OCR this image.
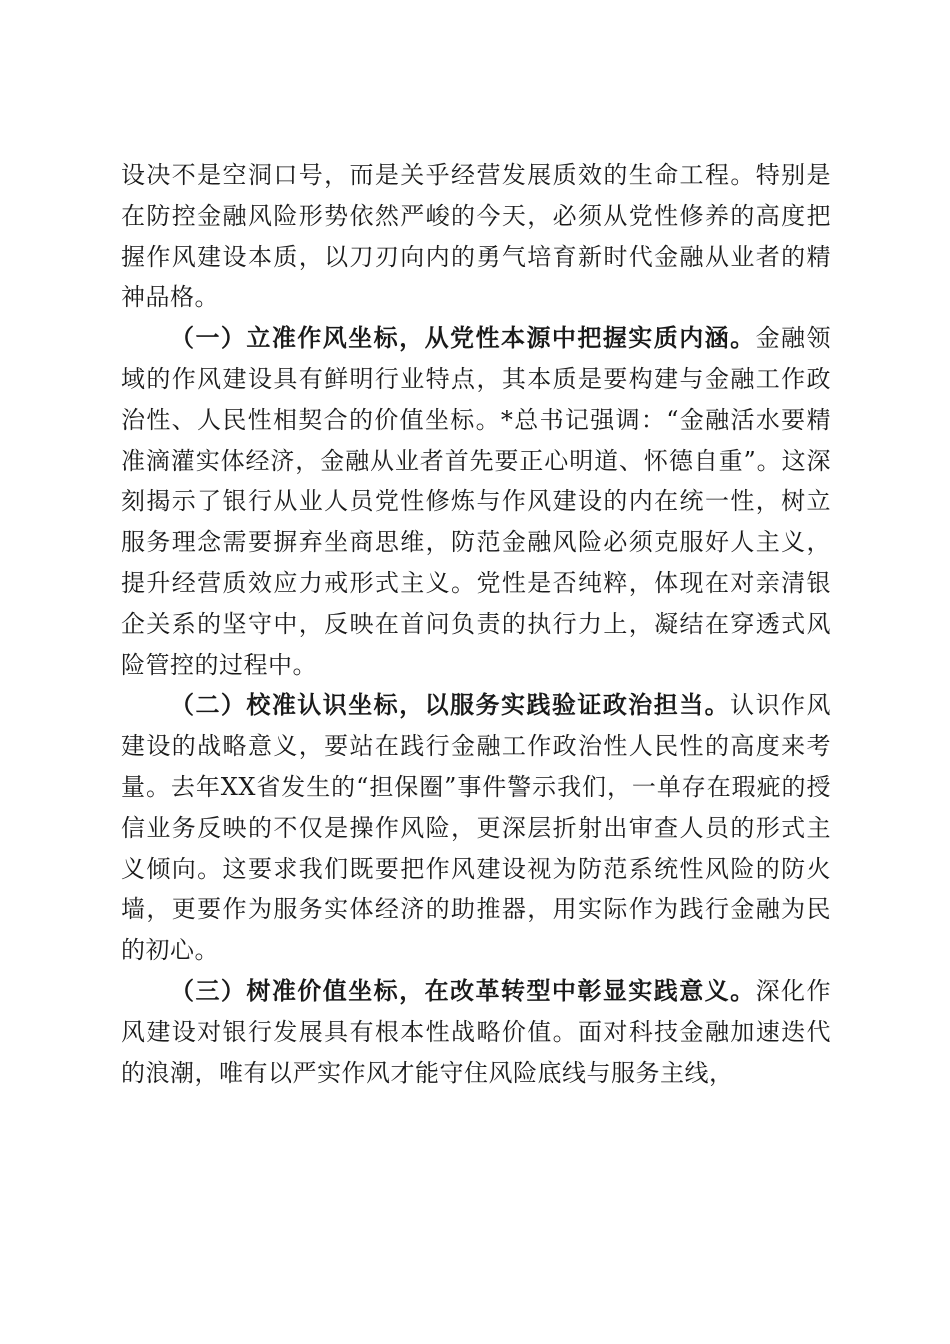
设决不是空洞口号，而是关乎经营发展质效的生命工程。特别是在防控金融风险形势依然严峻的今天，必须从党性修养的高度把握作风建设本质，以刀刃向内的勇气培育新时代金融从业者的精神品格。

（一）立准作风坐标，从党性本源中把握实质内涵。金融领域的作风建设具有鲜明行业特点，其本质是要构建与金融工作政治性、人民性相契合的价值坐标。*总书记强调：“金融活水要精准滴灌实体经济，金融从业者首先要正心明道、怀德自重”。这深刻揭示了银行从业人员党性修炼与作风建设的内在统一性，树立服务理念需要摒弃坐商思维，防范金融风险必须克服好人主义，提升经营质效应力戒形式主义。党性是否纯粹，体现在对亲清银企关系的坚守中，反映在首问负责的执行力上，凝结在穿透式风险管控的过程中。

（二）校准认识坐标，以服务实践验证政治担当。认识作风建设的战略意义，要站在践行金融工作政治性人民性的高度来考量。去年XX省发生的“担保圈”事件警示我们，一单存在瑕疵的授信业务反映的不仅是操作风险，更深层折射出审查人员的形式主义倾向。这要求我们既要把作风建设视为防范系统性风险的防火墙，更要作为服务实体经济的助推器，用实际作为践行金融为民的初心。

（三）树准价值坐标，在改革转型中彰显实践意义。深化作风建设对银行发展具有根本性战略价值。面对科技金融加速迭代的浪潮，唯有以严实作风才能守住风险底线与服务主线，
